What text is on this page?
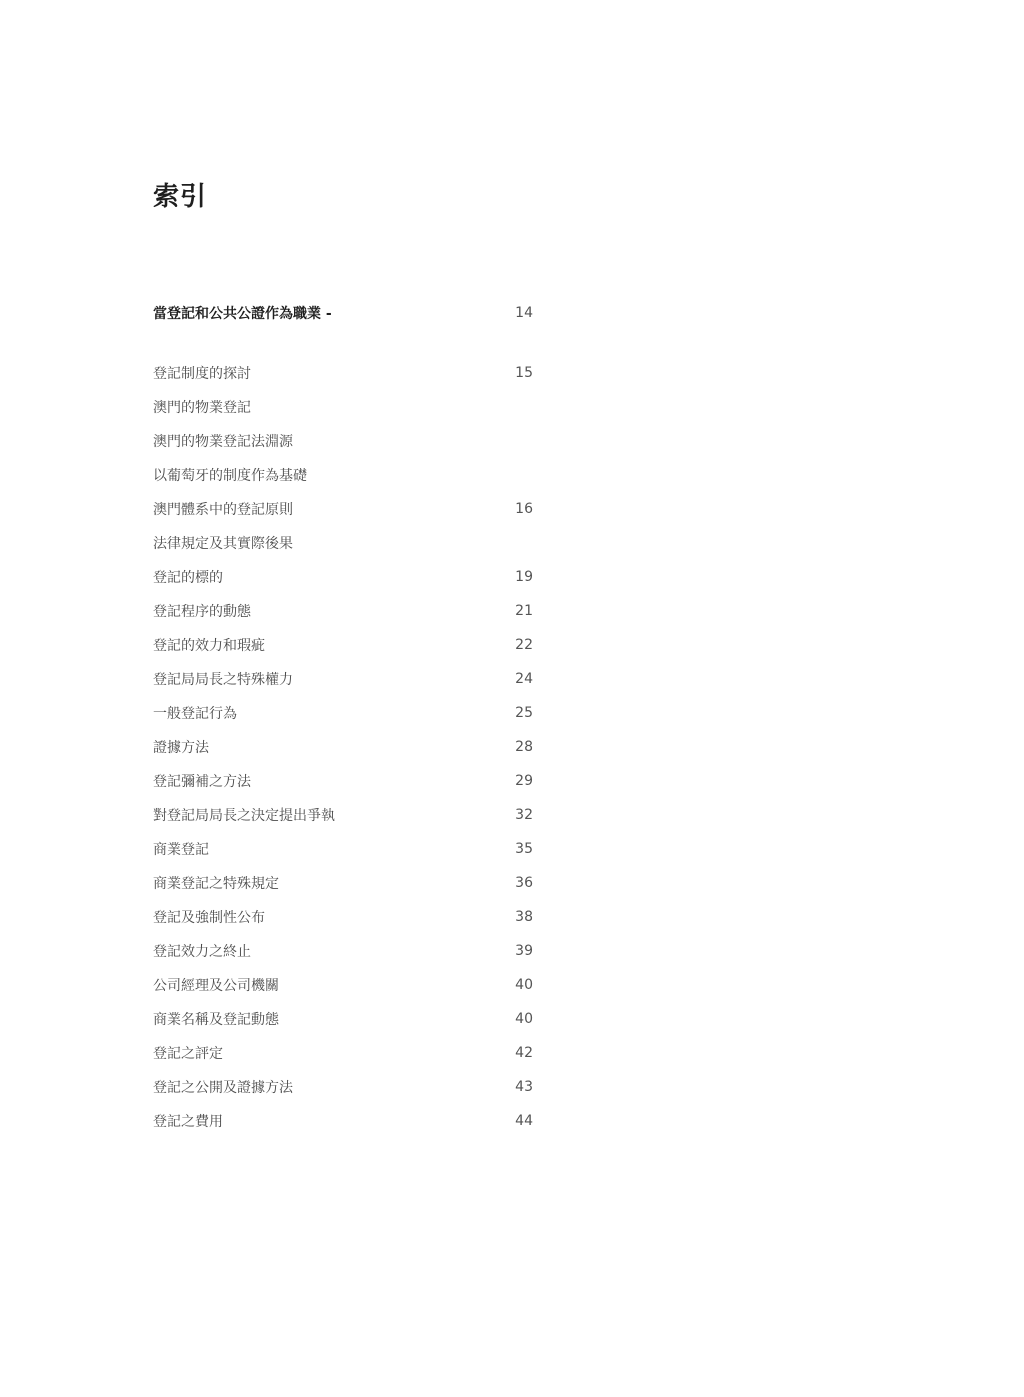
索引
當登記和公共公證作為職業 -	14
登記制度的探討	15
澳門的物業登記
澳門的物業登記法淵源
以葡萄牙的制度作為基礎
澳門體系中的登記原則	16
法律規定及其實際後果
登記的標的	19
登記程序的動態	21
登記的效力和瑕疵	22
登記局局長之特殊權力	24
一般登記行為	25
證據方法	28
登記彌補之方法	29
對登記局局長之決定提出爭執	32
商業登記	35
商業登記之特殊規定	36
登記及強制性公布	38
登記效力之終止	39
公司經理及公司機關	40
商業名稱及登記動態	40
登記之評定	42
登記之公開及證據方法	43
登記之費用	44
